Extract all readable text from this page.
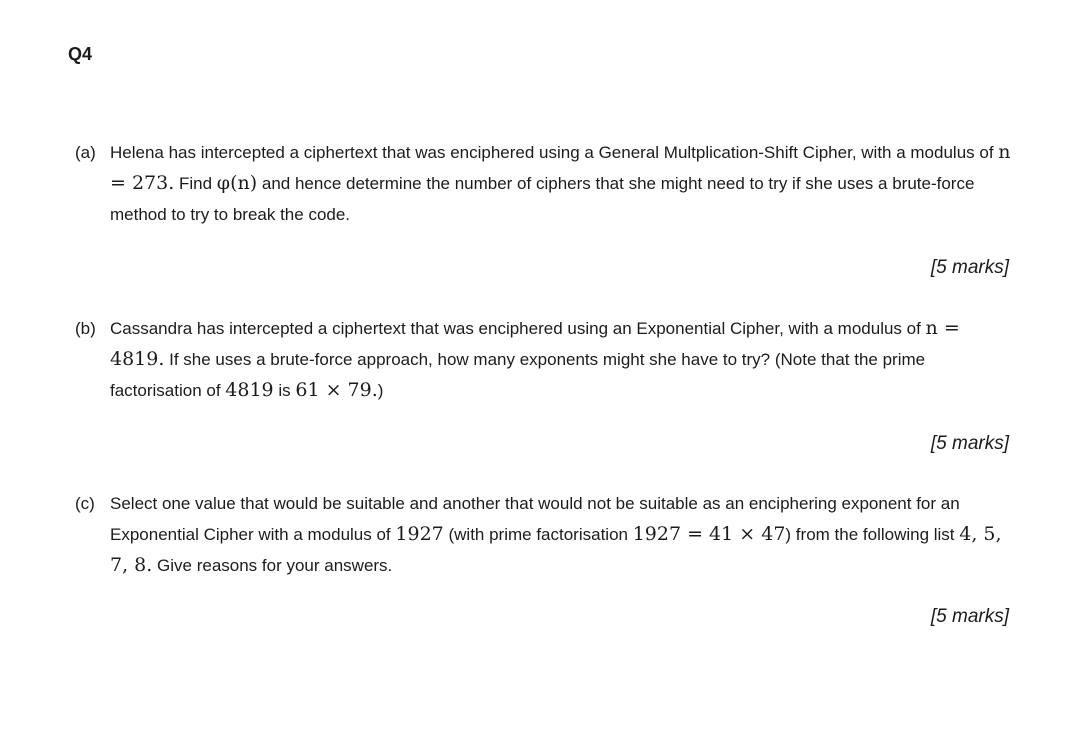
Q4
(a) Helena has intercepted a ciphertext that was enciphered using a General Multplication-Shift Cipher, with a modulus of n = 273. Find φ(n) and hence determine the number of ciphers that she might need to try if she uses a brute-force method to try to break the code.
[5 marks]
(b) Cassandra has intercepted a ciphertext that was enciphered using an Exponential Cipher, with a modulus of n = 4819. If she uses a brute-force approach, how many exponents might she have to try? (Note that the prime factorisation of 4819 is 61 × 79.)
[5 marks]
(c) Select one value that would be suitable and another that would not be suitable as an enciphering exponent for an Exponential Cipher with a modulus of 1927 (with prime factorisation 1927 = 41 × 47) from the following list 4, 5, 7, 8. Give reasons for your answers.
[5 marks]
